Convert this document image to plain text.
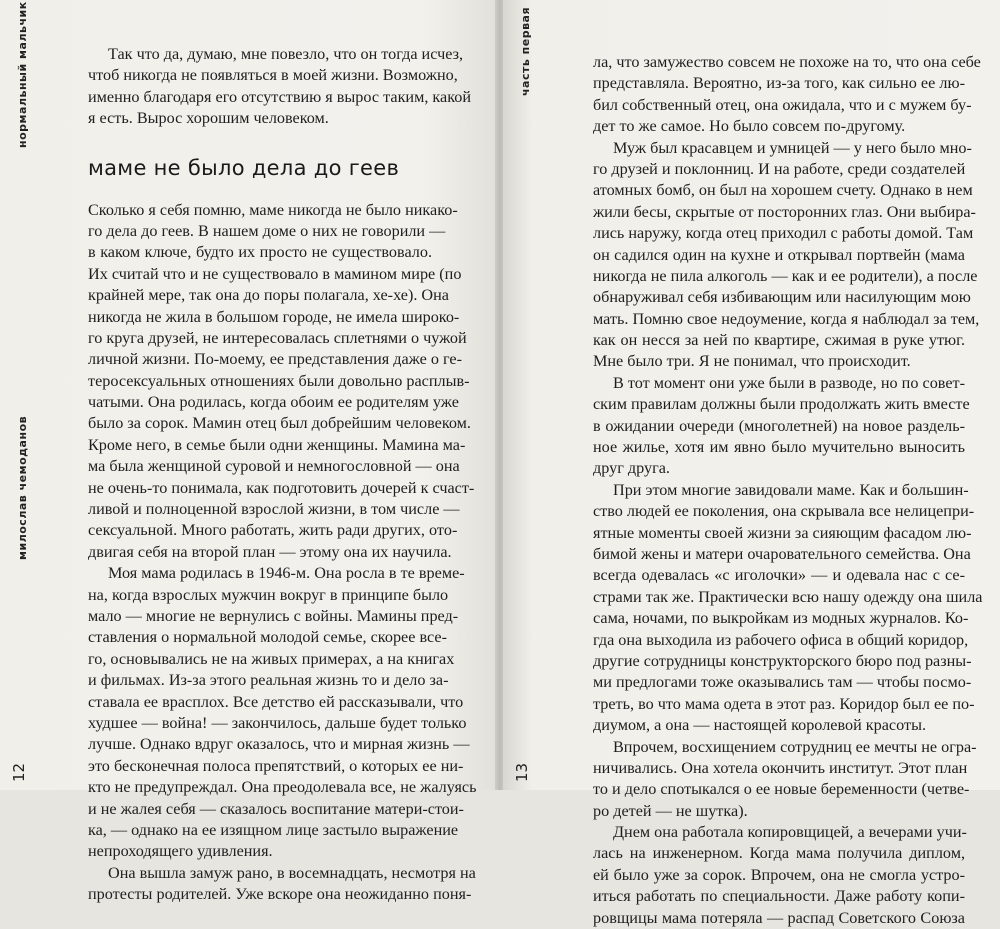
нормальный мальчик
милослав чемоданов
12
Так что да, думаю, мне повезло, что он тогда исчез,
чтоб никогда не появляться в моей жизни. Возможно,
именно благодаря его отсутствию я вырос таким, какой
я есть. Вырос хорошим человеком.
маме не было дела до геев
Сколько я себя помню, маме никогда не было никако-
го дела до геев. В нашем доме о них не говорили —
в каком ключе, будто их просто не существовало.
Их считай что и не существовало в мамином мире (по
крайней мере, так она до поры полагала, хе-хе). Она
никогда не жила в большом городе, не имела широко-
го круга друзей, не интересовалась сплетнями о чужой
личной жизни. По-моему, ее представления даже о ге-
теросексуальных отношениях были довольно расплыв-
чатыми. Она родилась, когда обоим ее родителям уже
было за сорок. Мамин отец был добрейшим человеком.
Кроме него, в семье были одни женщины. Мамина ма-
ма была женщиной суровой и немногословной — она
не очень-то понимала, как подготовить дочерей к счаст-
ливой и полноценной взрослой жизни, в том числе —
сексуальной. Много работать, жить ради других, отo-
двигая себя на второй план — этому она их научила.
Моя мама родилась в 1946-м. Она росла в те време-
на, когда взрослых мужчин вокруг в принципе было
мало — многие не вернулись с войны. Мамины пред-
ставления о нормальной молодой семье, скорее все-
го, основывались не на живых примерах, а на книгах
и фильмах. Из-за этого реальная жизнь то и дело за-
ставала ее врасплох. Все детство ей рассказывали, что
худшее — война! — закончилось, дальше будет только
лучше. Однако вдруг оказалось, что и мирная жизнь —
это бесконечная полоса препятствий, о которых ее ни-
кто не предупреждал. Она преодолевала все, не жалуясь
и не жалея себя — сказалось воспитание матери-стои-
ка, — однако на ее изящном лице застыло выражение
непроходящего удивления.
Она вышла замуж рано, в восемнадцать, несмотря на
протесты родителей. Уже вскоре она неожиданно поня-
часть первая
13
ла, что замужество совсем не похоже на то, что она себе
представляла. Вероятно, из-за того, как сильно ее лю-
бил собственный отец, она ожидала, что и с мужем бу-
дет то же самое. Но было совсем по-другому.
Муж был красавцем и умницей — у него было мно-
го друзей и поклонниц. И на работе, среди создателей
атомных бомб, он был на хорошем счету. Однако в нем
жили бесы, скрытые от посторонних глаз. Они выбира-
лись наружу, когда отец приходил с работы домой. Там
он садился один на кухне и открывал портвейн (мама
никогда не пила алкоголь — как и ее родители), а после
обнаруживал себя избивающим или насилующим мою
мать. Помню свое недоумение, когда я наблюдал за тем,
как он несся за ней по квартире, сжимая в руке утюг.
Мне было три. Я не понимал, что происходит.
В тот момент они уже были в разводе, но по совет-
ским правилам должны были продолжать жить вместе
в ожидании очереди (многолетней) на новое раздель-
ное жилье, хотя им явно было мучительно выносить
друг друга.
При этом многие завидовали маме. Как и большин-
ство людей ее поколения, она скрывала все нелицепри-
ятные моменты своей жизни за сияющим фасадом лю-
бимой жены и матери очаровательного семейства. Она
всегда одевалась «с иголочки» — и одевала нас с се-
страми так же. Практически всю нашу одежду она шила
сама, ночами, по выкройкам из модных журналов. Ко-
гда она выходила из рабочего офиса в общий коридор,
другие сотрудницы конструкторского бюро под разны-
ми предлогами тоже оказывались там — чтобы посмо-
треть, во что мама одета в этот раз. Коридор был ее по-
диумом, а она — настоящей королевой красоты.
Впрочем, восхищением сотрудниц ее мечты не огра-
ничивались. Она хотела окончить институт. Этот план
то и дело спотыкался о ее новые беременности (четве-
ро детей — не шутка).
Днем она работала копировщицей, а вечерами учи-
лась на инженерном. Когда мама получила диплом,
ей было уже за сорок. Впрочем, она не смогла устро-
иться работать по специальности. Даже работу копи-
ровщицы мама потеряла — распад Советского Союза
